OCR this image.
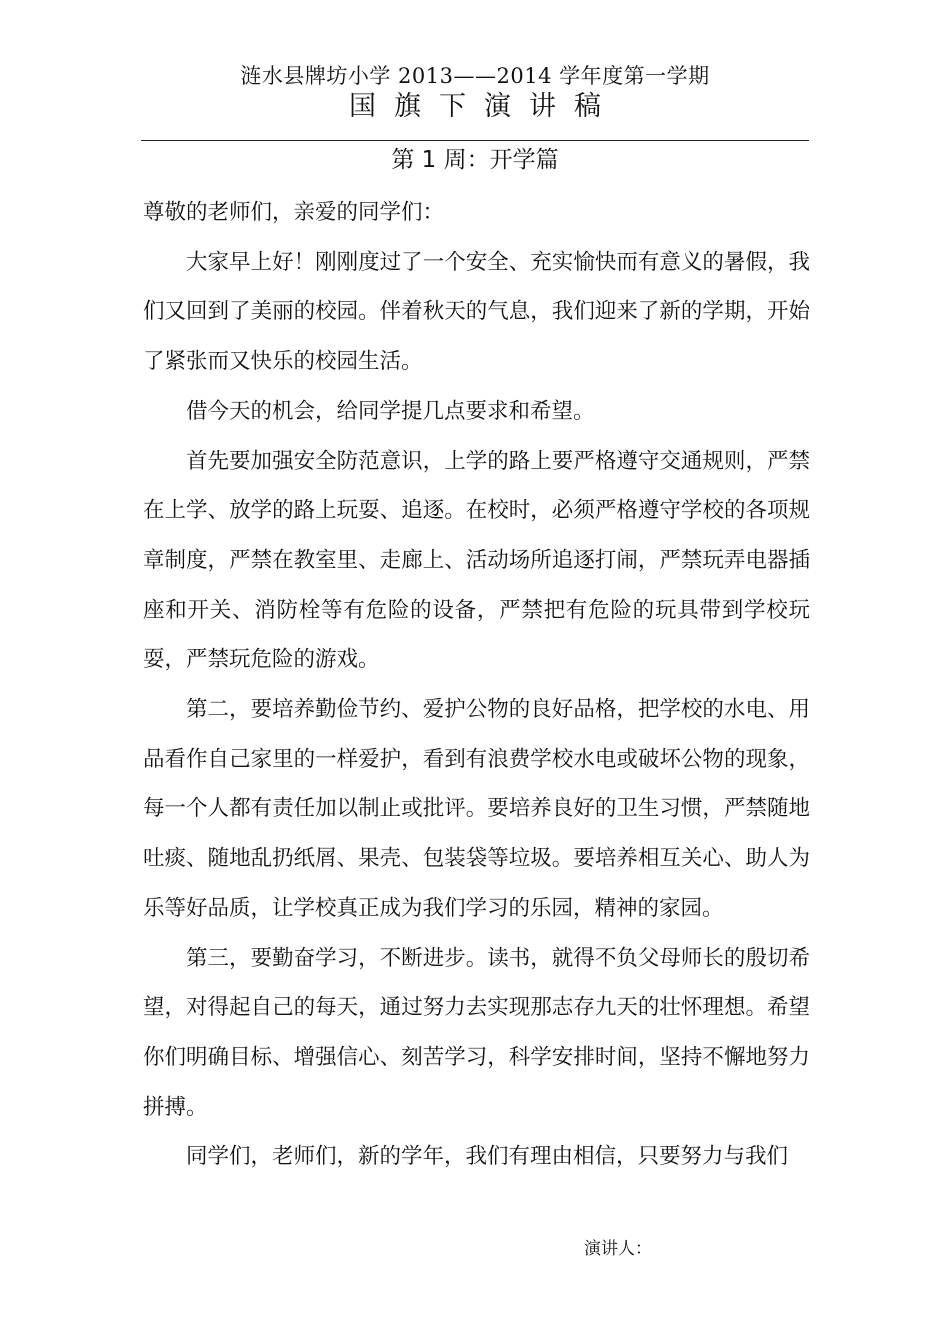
涟水县牌坊小学 2013——2014 学年度第一学期
国旗下演讲稿
第 1 周：开学篇

尊敬的老师们，亲爱的同学们：

大家早上好！刚刚度过了一个安全、充实愉快而有意义的暑假，我们又回到了美丽的校园。伴着秋天的气息，我们迎来了新的学期，开始了紧张而又快乐的校园生活。

借今天的机会，给同学提几点要求和希望。

首先要加强安全防范意识，上学的路上要严格遵守交通规则，严禁在上学、放学的路上玩耍、追逐。在校时，必须严格遵守学校的各项规章制度，严禁在教室里、走廊上、活动场所追逐打闹，严禁玩弄电器插座和开关、消防栓等有危险的设备，严禁把有危险的玩具带到学校玩耍，严禁玩危险的游戏。

第二，要培养勤俭节约、爱护公物的良好品格，把学校的水电、用品看作自己家里的一样爱护，看到有浪费学校水电或破坏公物的现象，每一个人都有责任加以制止或批评。要培养良好的卫生习惯，严禁随地吐痰、随地乱扔纸屑、果壳、包装袋等垃圾。要培养相互关心、助人为乐等好品质，让学校真正成为我们学习的乐园，精神的家园。

第三，要勤奋学习，不断进步。读书，就得不负父母师长的殷切希望，对得起自己的每天，通过努力去实现那志存九天的壮怀理想。希望你们明确目标、增强信心、刻苦学习，科学安排时间，坚持不懈地努力拼搏。

同学们，老师们，新的学年，我们有理由相信，只要努力与我们

演讲人：
